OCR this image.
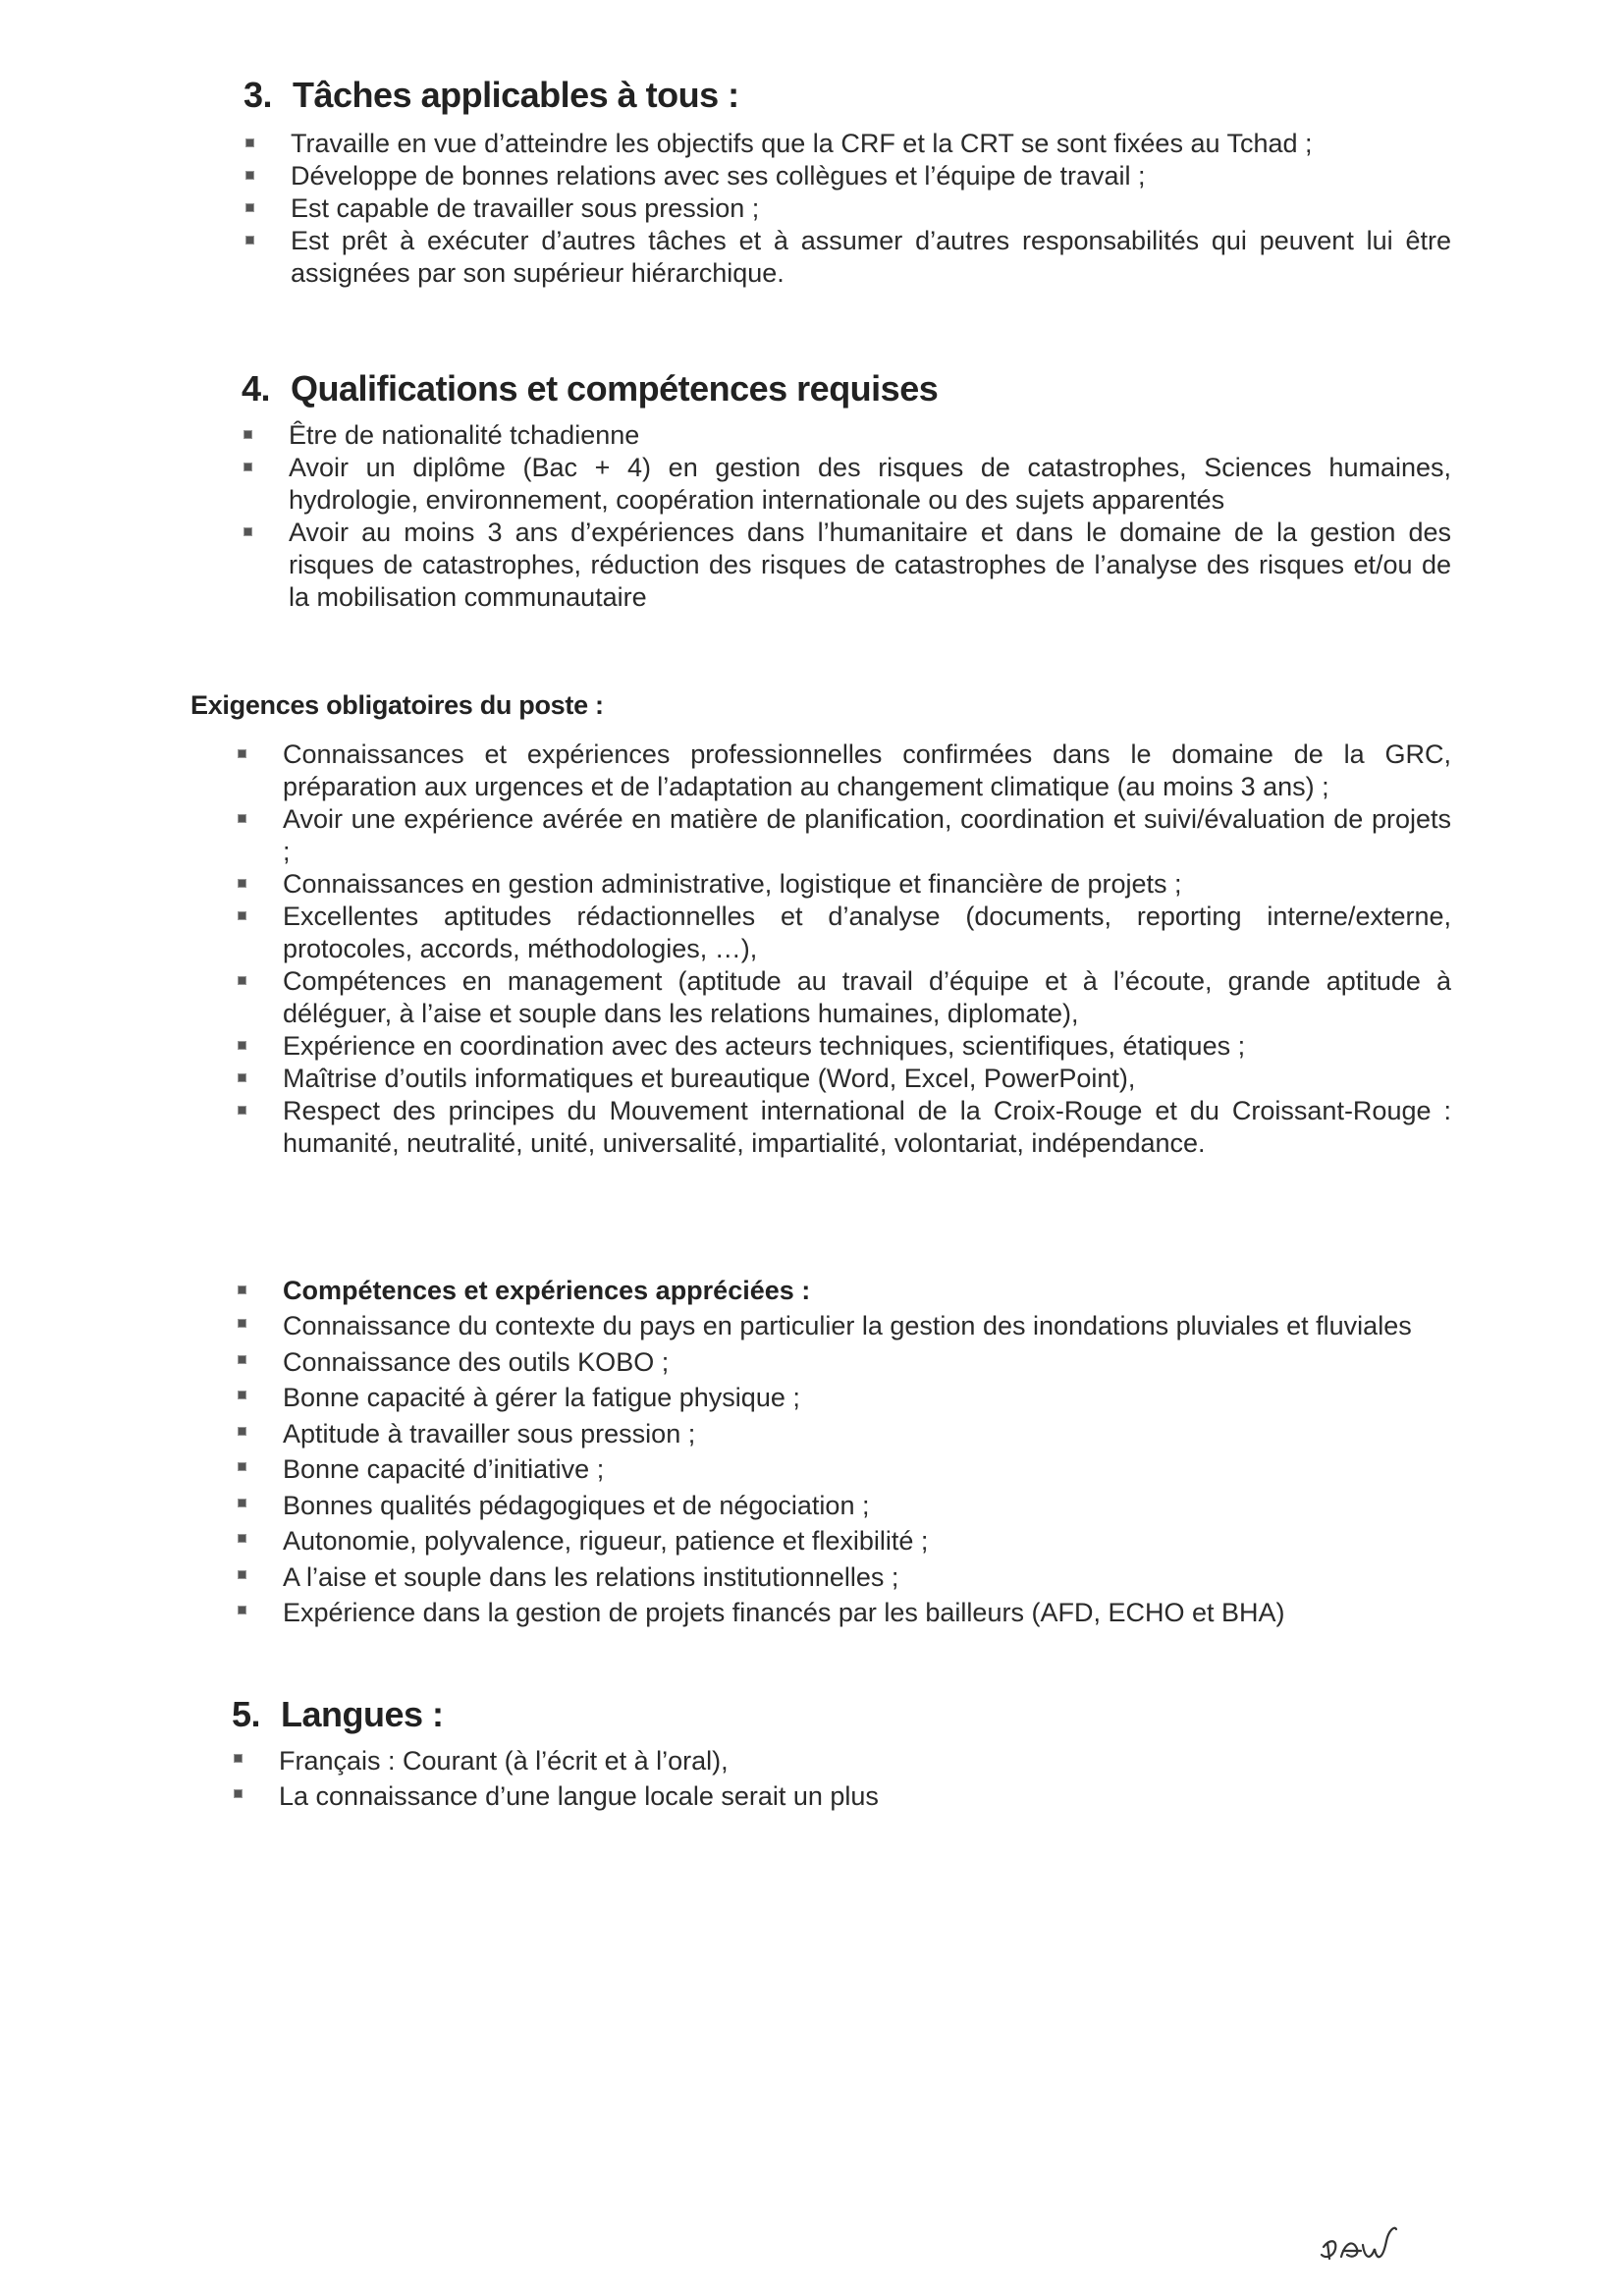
3. Tâches applicables à tous :
Travaille en vue d’atteindre les objectifs que la CRF et la CRT se sont fixées au Tchad ;
Développe de bonnes relations avec ses collègues et l’équipe de travail ;
Est capable de travailler sous pression ;
Est prêt à exécuter d’autres tâches et à assumer d’autres responsabilités qui peuvent lui être assignées par son supérieur hiérarchique.
4. Qualifications et compétences requises
Être de nationalité tchadienne
Avoir un diplôme (Bac + 4) en gestion des risques de catastrophes, Sciences humaines, hydrologie, environnement, coopération internationale ou des sujets apparentés
Avoir au moins 3 ans d’expériences dans l’humanitaire et dans le domaine de la gestion des risques de catastrophes, réduction des risques de catastrophes de l’analyse des risques et/ou de la mobilisation communautaire
Exigences obligatoires du poste :
Connaissances et expériences professionnelles confirmées dans le domaine de la GRC, préparation aux urgences et de l’adaptation au changement climatique (au moins 3 ans) ;
Avoir une expérience avérée en matière de planification, coordination et suivi/évaluation de projets ;
Connaissances en gestion administrative, logistique et financière de projets ;
Excellentes aptitudes rédactionnelles et d’analyse (documents, reporting interne/externe, protocoles, accords, méthodologies, …),
Compétences en management (aptitude au travail d’équipe et à l’écoute, grande aptitude à déléguer, à l’aise et souple dans les relations humaines, diplomate),
Expérience en coordination avec des acteurs techniques, scientifiques, étatiques ;
Maîtrise d’outils informatiques et bureautique (Word, Excel, PowerPoint),
Respect des principes du Mouvement international de la Croix-Rouge et du Croissant-Rouge : humanité, neutralité, unité, universalité, impartialité, volontariat, indépendance.
Compétences et expériences appréciées :
Connaissance du contexte du pays en particulier la gestion des inondations pluviales et fluviales
Connaissance des outils KOBO ;
Bonne capacité à gérer la fatigue physique ;
Aptitude à travailler sous pression ;
Bonne capacité d’initiative ;
Bonnes qualités pédagogiques et de négociation ;
Autonomie, polyvalence, rigueur, patience et flexibilité ;
A l’aise et souple dans les relations institutionnelles ;
Expérience dans la gestion de projets financés par les bailleurs (AFD, ECHO et BHA)
5. Langues :
Français : Courant (à l’écrit et à l’oral),
La connaissance d’une langue locale serait un plus
